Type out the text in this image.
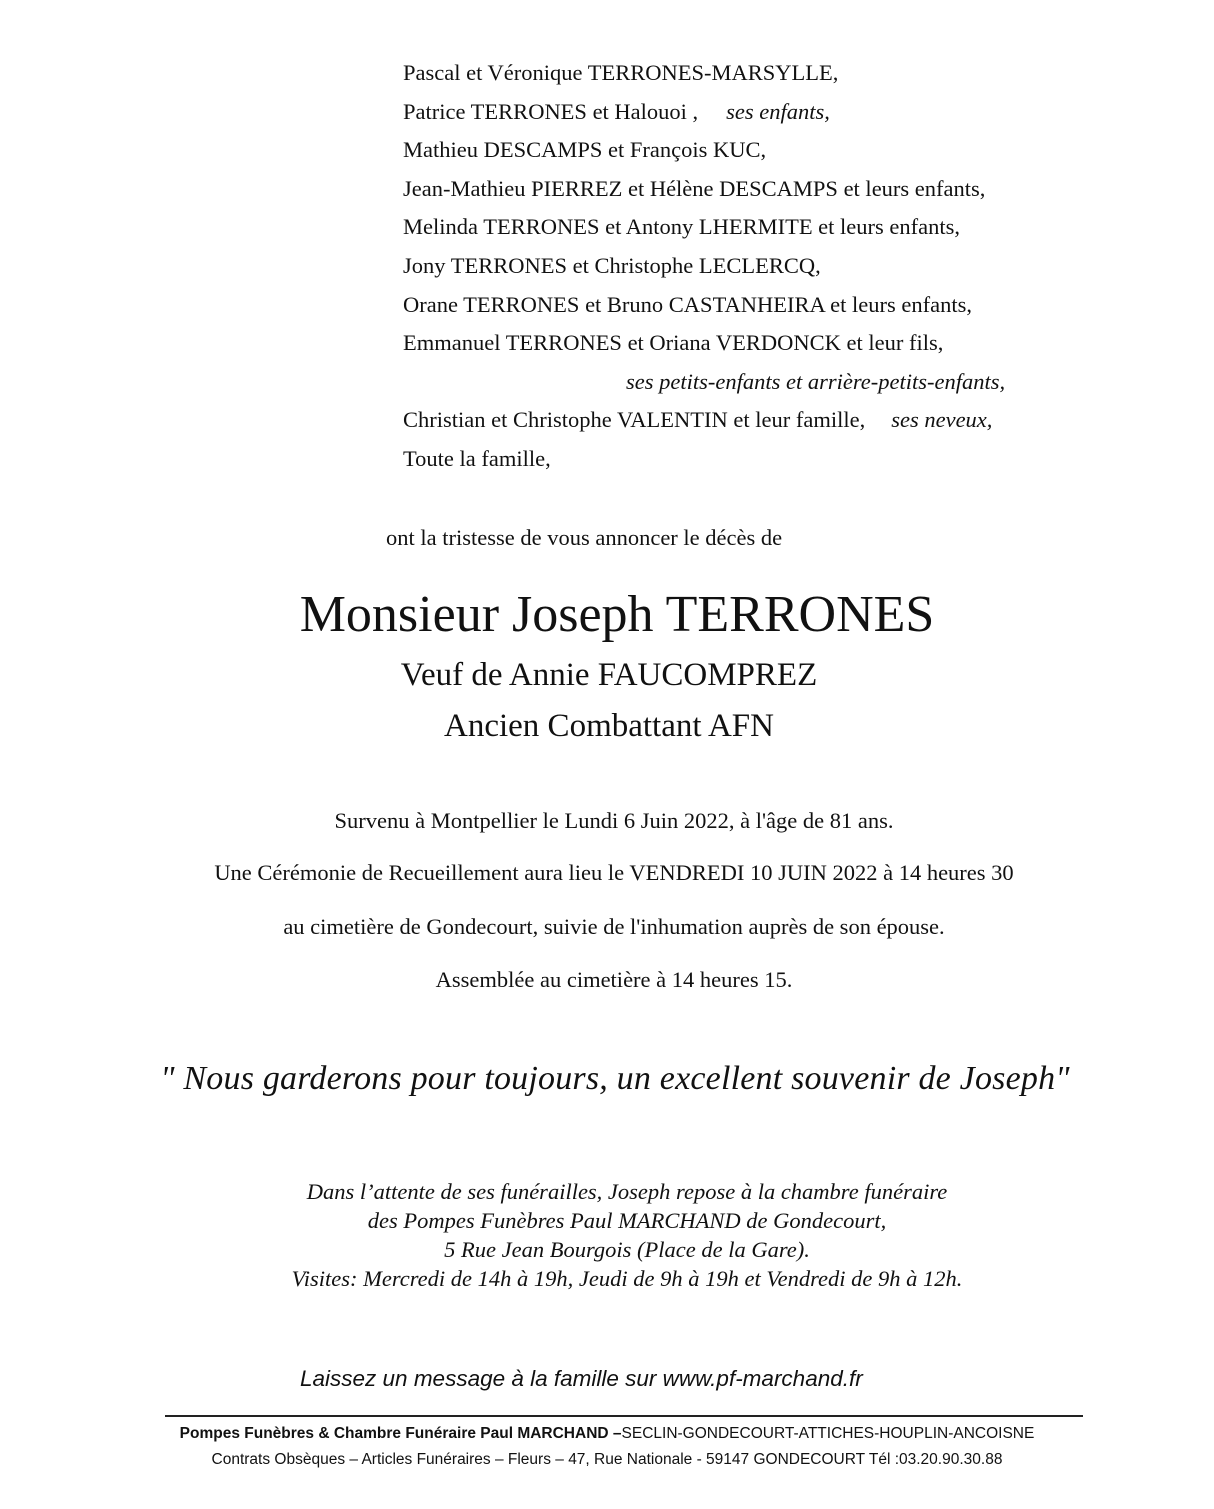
Pascal et Véronique TERRONES-MARSYLLE,
Patrice TERRONES et Halouoi , ses enfants,
Mathieu DESCAMPS et François KUC,
Jean-Mathieu PIERREZ et Hélène DESCAMPS et leurs enfants,
Melinda TERRONES et Antony LHERMITE et leurs enfants,
Jony TERRONES et Christophe LECLERCQ,
Orane TERRONES et Bruno CASTANHEIRA et leurs enfants,
Emmanuel TERRONES et Oriana VERDONCK et leur fils,
ses petits-enfants et arrière-petits-enfants,
Christian et Christophe VALENTIN et leur famille, ses neveux,
Toute la famille,
ont la tristesse de vous annoncer le décès de
Monsieur Joseph TERRONES
Veuf de Annie FAUCOMPREZ
Ancien Combattant AFN
Survenu à Montpellier le Lundi 6 Juin 2022, à l'âge de 81 ans.
Une Cérémonie de Recueillement aura lieu le VENDREDI 10 JUIN 2022 à 14 heures 30
au cimetière de Gondecourt, suivie de l'inhumation auprès de son épouse.
Assemblée au cimetière à 14 heures 15.
" Nous garderons pour toujours, un excellent souvenir de Joseph"
Dans l’attente de ses funérailles, Joseph repose à la chambre funéraire
des Pompes Funèbres Paul MARCHAND de Gondecourt,
5 Rue Jean Bourgois (Place de la Gare).
Visites: Mercredi de 14h à 19h, Jeudi de 9h à 19h et Vendredi de 9h à 12h.
Laissez un message à la famille sur www.pf-marchand.fr
Pompes Funèbres & Chambre Funéraire Paul MARCHAND –SECLIN-GONDECOURT-ATTICHES-HOUPLIN-ANCOISNE
Contrats Obsèques – Articles Funéraires – Fleurs – 47, Rue Nationale - 59147 GONDECOURT Tél :03.20.90.30.88
